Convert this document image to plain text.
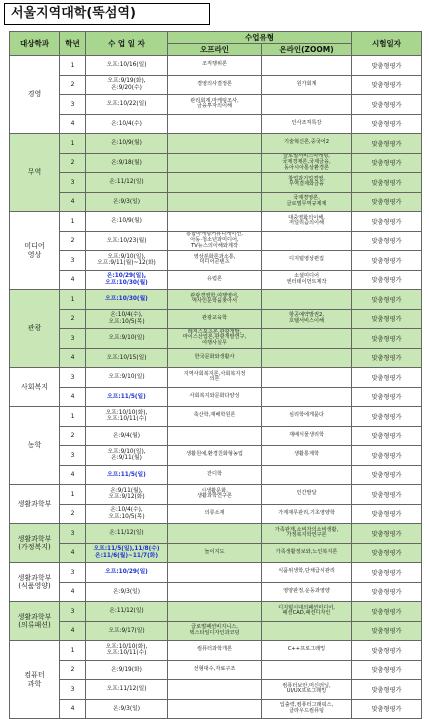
서울지역대학(뚝섬역)
대상학과	학년	수 업 일 자	수업유형		시험일자
			오프라인	온라인(ZOOM)	
경영	1	오프:10/16(일)	조직행위론		맞춤형평가
	2	오프:9/19(화),
온:9/20(수)	경영의사결정론	원가회계	맞춤형평가
	3	오프:10/22(일)	관리회계,마케팅조사,
금융투자의이해		맞춤형평가
	4	온:10/4(수)		인사조직특강	맞춤형평가
무역	1	온:10/9(월)		기술혁신론,중국어2	맞춤형평가
	2	온:9/18(월)		글로벌서비스마케팅,
국제경제론,국제금융,
동아시아통상환경론	맞춤형평가
	3	온:11/12(일)		창업과기업경영,
무역결제와금융	맞춤형평가
	4	온:9/3(일)		국제경영론,
글로벌무역규제제	맞춤형평가
미디어
영상	1	온:10/9(월)		대중영화의이해,
저널리즘의이해	맞춤형평가
	2	오프:10/23(월)	통합마케팅커뮤니케이션,
아동·청소년과미디어,
TV뉴스의이해와제작		맞춤형평가
	3	오프:9/10(일),
오프:9/11(월)~12(화)	영상분화론과소통,
미디어콘텐츠	디지털영상편집	맞춤형평가
	4	온:10/29(일),
오프:10/30(월)	유럽론	소셜미디어
엔터테이먼트제작	맞춤형평가
관광	1	오프:10/30(월)	관광경영학,여행영어,
역사인문학을찾아서		맞춤형평가
	2	온:10/4(수),
오프:10/5(목)	관광교육학	항공예약발권2,
호텔서비스이해	맞춤형평가
	3	오프:9/10(일)	레저스포츠론,관광개발,
마이스산업론,관광개발연구,
여행사실무		맞춤형평가
	4	오프:10/15(일)	한국문화와생활사		맞춤형평가
사회복지	3	오프:9/10(일)	지역사회복지론,사회복지정
의론		맞춤형평가
	4	오프:11/5(일)	사회복지와문화다양성		맞춤형평가
농학	1	오프:10/10(화),
오프:10/11(수)	축산학,재배학원론	심리학에게묻다	맞춤형평가
	2	온:9/4(월)		재배식물생리학	맞춤형평가
	3	오프:9/10(일),
온:9/11(월)	생활원예,환경친화형농업	생활통계학	맞춤형평가
	4	오프:11/5(일)	잔디학		맞춤형평가
생활과학부	1	온:9/11(월),
오프:9/12(화)	시생활문화,
생활과학연구론	인간발달	맞춤형평가
	2	온:10/4(수),
오프:10/5(목)	의류소재	가계재무관리,기초영양학	맞춤형평가
생활과학부
(가정복지)	3	온:11/12(일)		가족관계,소비자의소비생활,
가정복지학연구론	맞춤형평가
	4	오프:11/5(일),11/8(수)
온:11/6(월)~11/7(화)	놀이지도	가족생활정보와,노인복지론	맞춤형평가
생활과학부
(식품영양)	3	오프:10/29(일)		식품위생학,단체급식관리	맞춤형평가
	4	온:9/3(일)		영양판정,운동과영양	맞춤형평가
생활과학부
(의류패션)	3	온:11/12(일)		디지털시대의패션미디어,
패션CAD,패션디자인	맞춤형평가
	4	오프:9/17(일)	글로벌패션비지니스,
텍스타일디자인과코딩		맞춤형평가
컴퓨터
과학	1	오프:10/10(화),
오프:10/11(수)	컴퓨터과학개론	C++프로그래밍	맞춤형평가
	2	온:9/19(화)	선형대수,자료구조		맞춤형평가
	3	오프:11/12(일)		컴퓨터보안,머신러닝,
UI/UX프로그래밍	맞춤형평가
	4	온:9/3(일)		입출력,컴퓨터그래픽스,
클라우드컴퓨팅	맞춤형평가
